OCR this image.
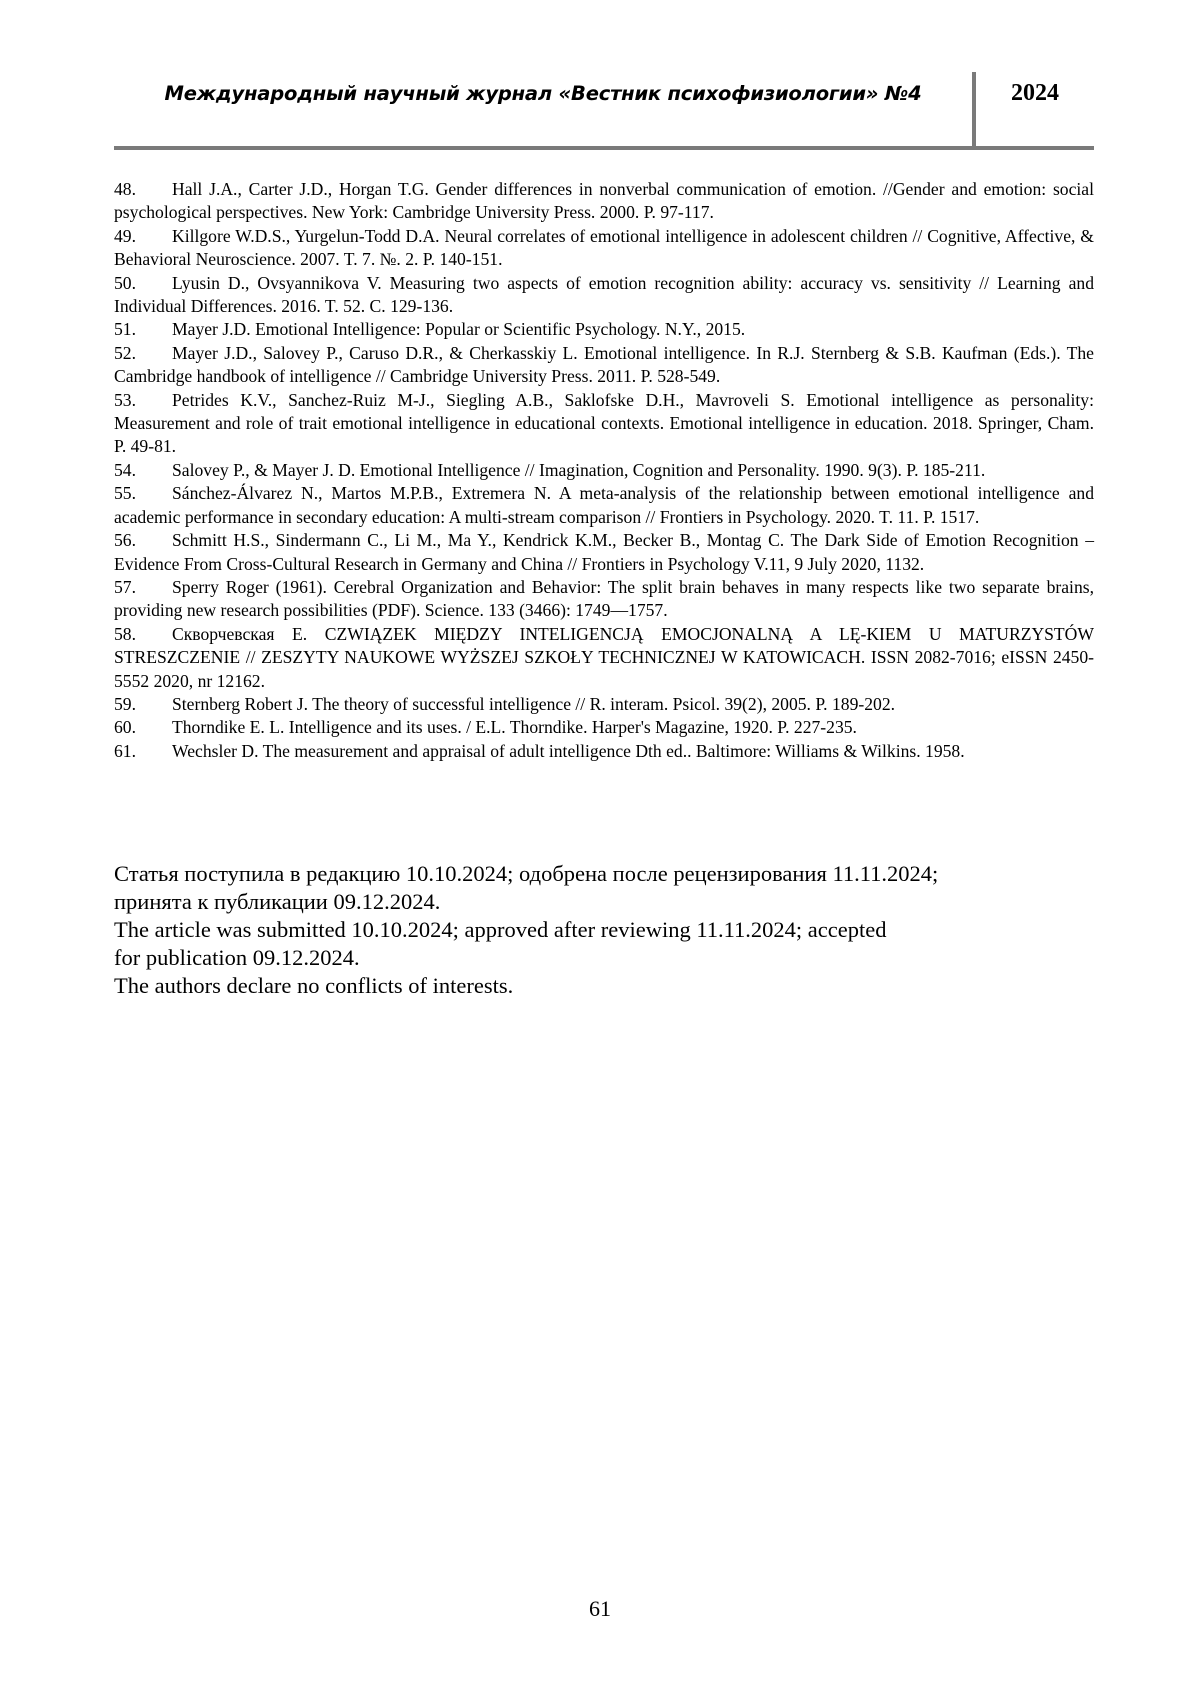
Международный научный журнал «Вестник психофизиологии» №4	2024
48. Hall J.A., Carter J.D., Horgan T.G. Gender differences in nonverbal communication of emotion. //Gender and emotion: social psychological perspectives. New York: Cambridge University Press. 2000. P. 97-117.
49. Killgore W.D.S., Yurgelun-Todd D.A. Neural correlates of emotional intelligence in adolescent children // Cognitive, Affective, & Behavioral Neuroscience. 2007. T. 7. №. 2. P. 140-151.
50. Lyusin D., Ovsyannikova V. Measuring two aspects of emotion recognition ability: accuracy vs. sensitivity // Learning and Individual Differences. 2016. T. 52. C. 129-136.
51. Mayer J.D. Emotional Intelligence: Popular or Scientific Psychology. N.Y., 2015.
52. Mayer J.D., Salovey P., Caruso D.R., & Cherkasskiy L. Emotional intelligence. In R.J. Sternberg & S.B. Kaufman (Eds.). The Cambridge handbook of intelligence // Cambridge University Press. 2011. P. 528-549.
53. Petrides K.V., Sanchez-Ruiz M-J., Siegling A.B., Saklofske D.H., Mavroveli S. Emotional intelligence as personality: Measurement and role of trait emotional intelligence in educational contexts. Emotional intelligence in education. 2018. Springer, Cham. P. 49-81.
54. Salovey P., & Mayer J. D. Emotional Intelligence // Imagination, Cognition and Personality. 1990. 9(3). P. 185-211.
55. Sánchez-Álvarez N., Martos M.P.B., Extremera N. A meta-analysis of the relationship between emotional intelligence and academic performance in secondary education: A multi-stream comparison // Frontiers in Psychology. 2020. T. 11. P. 1517.
56. Schmitt H.S., Sindermann C., Li M., Ma Y., Kendrick K.M., Becker B., Montag C. The Dark Side of Emotion Recognition – Evidence From Cross-Cultural Research in Germany and China // Frontiers in Psychology V.11, 9 July 2020, 1132.
57. Sperry Roger (1961). Cerebral Organization and Behavior: The split brain behaves in many respects like two separate brains, providing new research possibilities (PDF). Science. 133 (3466): 1749—1757.
58. Скворчевская E. CZWIĄZEK MIĘDZY INTELIGENCJĄ EMOCJONALNĄ A LĘ-KIEM U MATURZYSTÓW STRESZCZENIE // ZESZYTY NAUKOWE WYŻSZEJ SZKOŁY TECHNICZNEJ W KATOWICACH. ISSN 2082-7016; eISSN 2450-5552 2020, nr 12162.
59. Sternberg Robert J. The theory of successful intelligence // R. interam. Psicol. 39(2), 2005. P. 189-202.
60. Thorndike E. L. Intelligence and its uses. / E.L. Thorndike. Harper's Magazine, 1920. P. 227-235.
61. Wechsler D. The measurement and appraisal of adult intelligence Dth ed.. Baltimore: Williams & Wilkins. 1958.

Статья поступила в редакцию 10.10.2024; одобрена после рецензирования 11.11.2024;

принята к публикации 09.12.2024.

The article was submitted 10.10.2024; approved after reviewing 11.11.2024; accepted

for publication 09.12.2024.

The authors declare no conflicts of interests.

61
